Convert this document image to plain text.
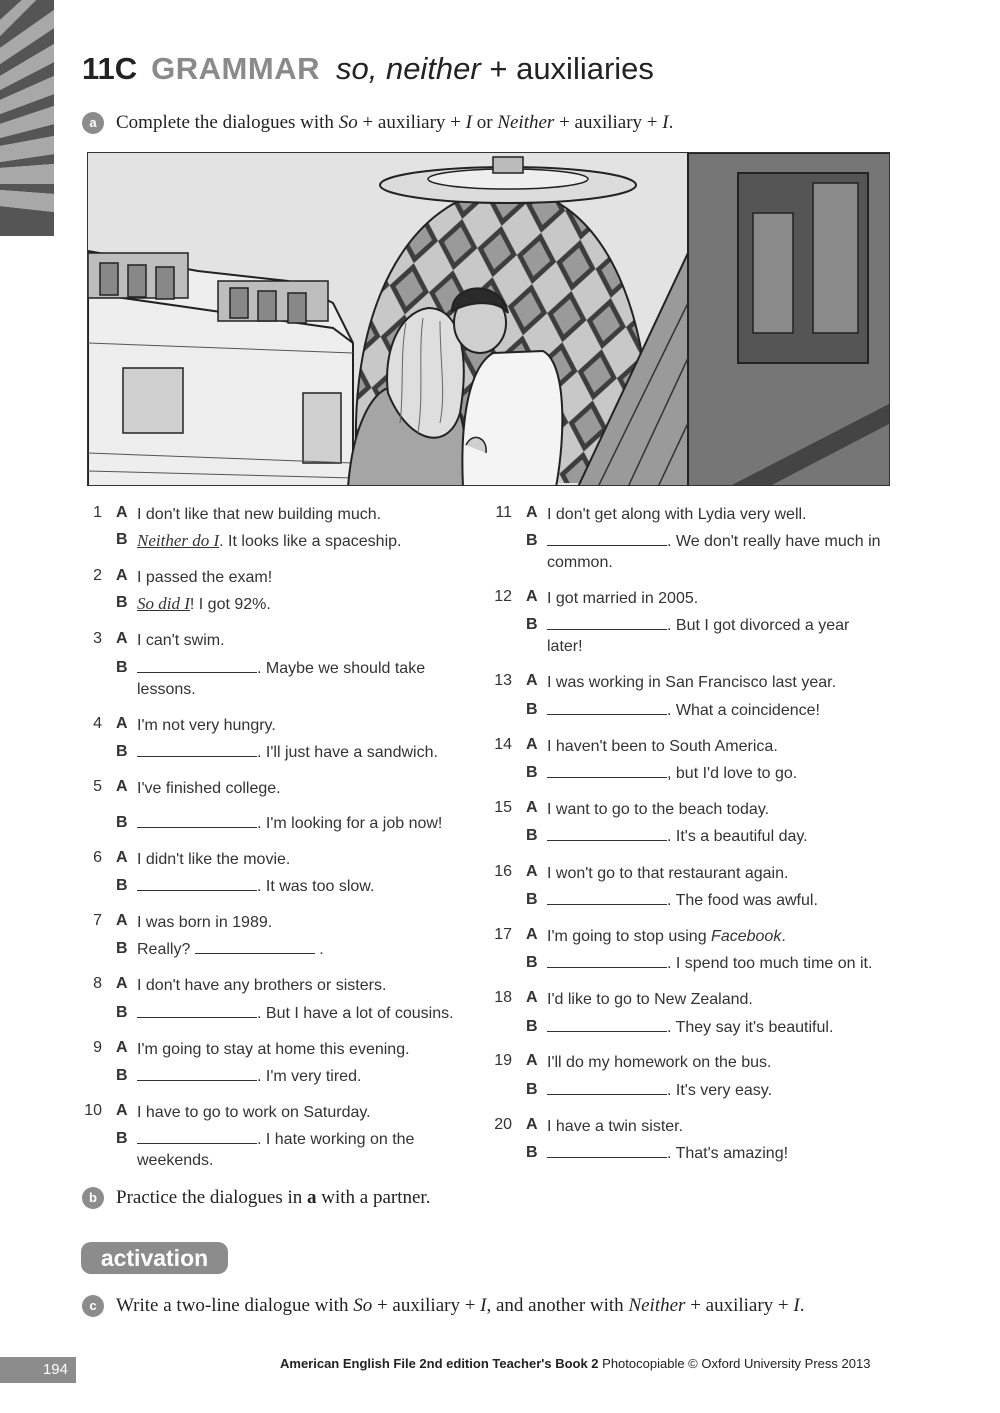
11C GRAMMAR so, neither + auxiliaries
a	Complete the dialogues with So + auxiliary + I or Neither + auxiliary + I.
1 A I don't like that new building much.
B Neither do I. It looks like a spaceship.
2 A I passed the exam!
B So did I! I got 92%.
3 A I can't swim.
B	. Maybe we should take lessons.
4 A I'm not very hungry.
B	. I'll just have a sandwich.
5 A I've finished college.
B	. I'm looking for a job now!
6 A I didn't like the movie.
B	. It was too slow.
7 A I was born in 1989.
B Really?	.
8 A I don't have any brothers or sisters.
B	. But I have a lot of cousins.
9 A I'm going to stay at home this evening.
B	. I'm very tired.
10 A I have to go to work on Saturday.
B	. I hate working on the weekends.
11 A I don't get along with Lydia very well.
B	. We don't really have much in common.
12 A I got married in 2005.
B	. But I got divorced a year later!
13 A I was working in San Francisco last year.
B	. What a coincidence!
14 A I haven't been to South America.
B	, but I'd love to go.
15 A I want to go to the beach today.
B	. It's a beautiful day.
16 A I won't go to that restaurant again.
B	. The food was awful.
17 A I'm going to stop using Facebook.
B	. I spend too much time on it.
18 A I'd like to go to New Zealand.
B	. They say it's beautiful.
19 A I'll do my homework on the bus.
B	. It's very easy.
20 A I have a twin sister.
B	. That's amazing!
b	Practice the dialogues in a with a partner.
activation
c	Write a two-line dialogue with So + auxiliary + I, and another with Neither + auxiliary + I.
194	American English File 2nd edition Teacher's Book 2 Photocopiable © Oxford University Press 2013
